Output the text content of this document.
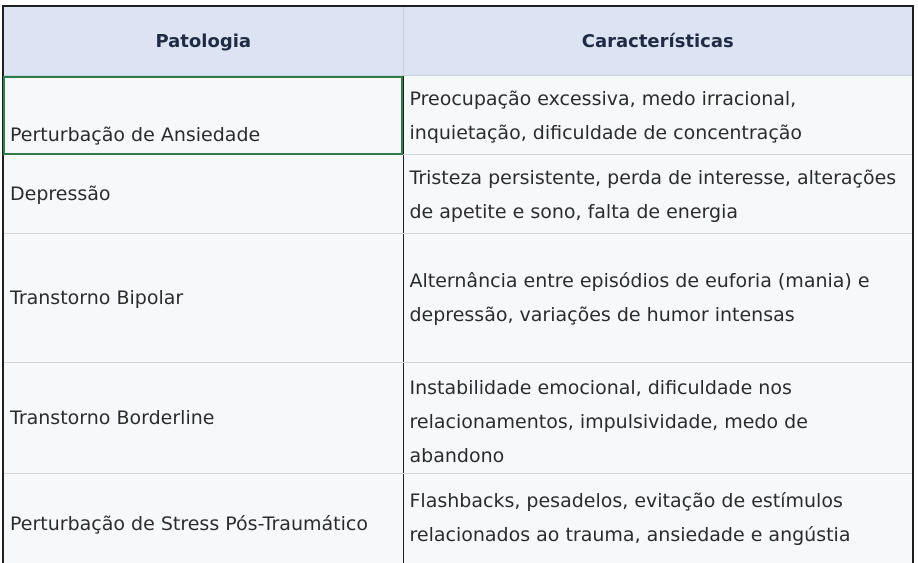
Patologia	Características

Perturbação de Ansiedade	Preocupação excessiva, medo irracional, inquietação, dificuldade de concentração

Depressão	Tristeza persistente, perda de interesse, alterações de apetite e sono, falta de energia

Transtorno Bipolar	Alternância entre episódios de euforia (mania) e depressão, variações de humor intensas

Transtorno Borderline	Instabilidade emocional, dificuldade nos relacionamentos, impulsividade, medo de abandono

Perturbação de Stress Pós-Traumático	Flashbacks, pesadelos, evitação de estímulos relacionados ao trauma, ansiedade e angústia
